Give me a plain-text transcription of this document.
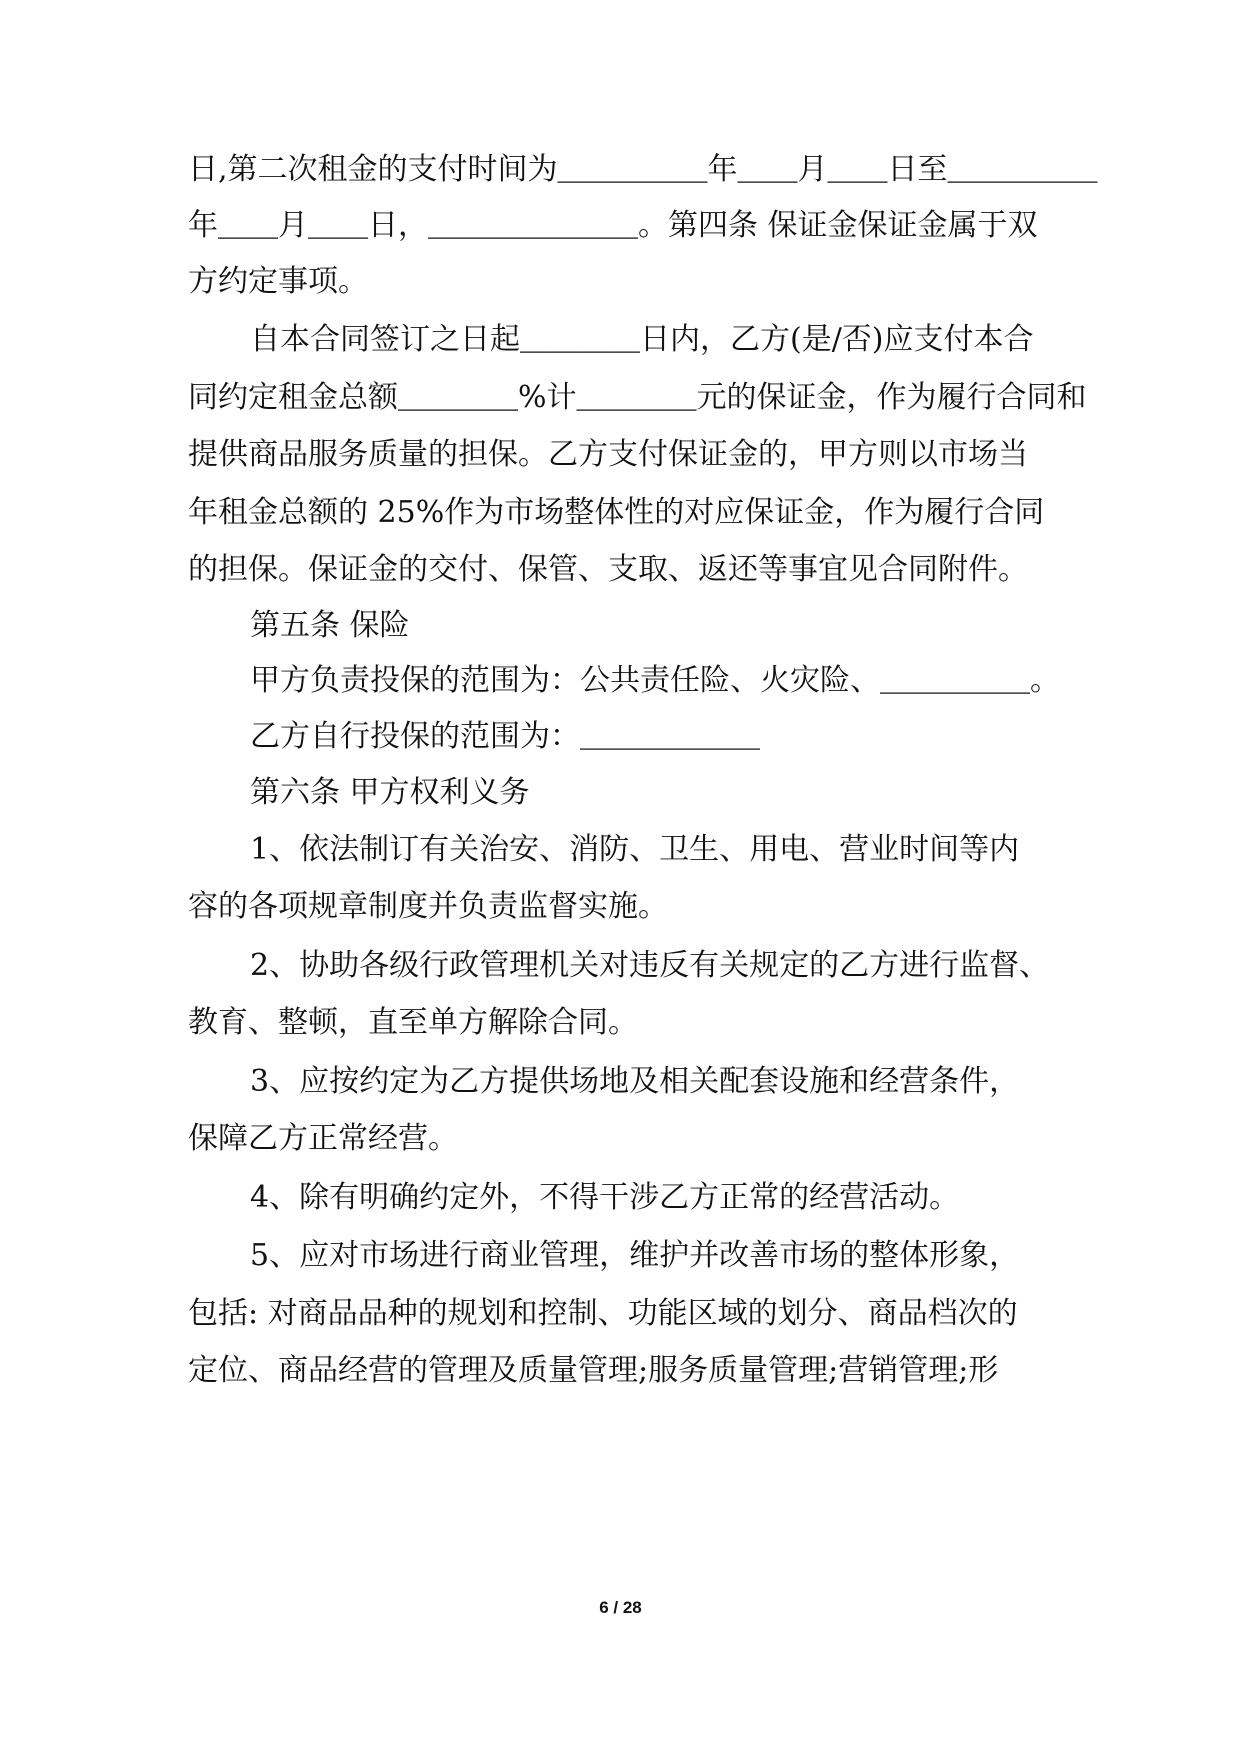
日,第二次租金的支付时间为＿＿＿＿＿年＿＿月＿＿日至＿＿＿＿＿
年＿＿月＿＿日，＿＿＿＿＿＿＿。第四条 保证金保证金属于双
方约定事项。
自本合同签订之日起＿＿＿＿日内，乙方(是/否)应支付本合
同约定租金总额＿＿＿＿%计＿＿＿＿元的保证金，作为履行合同和
提供商品服务质量的担保。乙方支付保证金的，甲方则以市场当
年租金总额的 25%作为市场整体性的对应保证金，作为履行合同
的担保。保证金的交付、保管、支取、返还等事宜见合同附件。
第五条 保险
甲方负责投保的范围为：公共责任险、火灾险、＿＿＿＿＿。
乙方自行投保的范围为：＿＿＿＿＿＿
第六条 甲方权利义务
1、依法制订有关治安、消防、卫生、用电、营业时间等内
容的各项规章制度并负责监督实施。
2、协助各级行政管理机关对违反有关规定的乙方进行监督、
教育、整顿，直至单方解除合同。
3、应按约定为乙方提供场地及相关配套设施和经营条件，
保障乙方正常经营。
4、除有明确约定外，不得干涉乙方正常的经营活动。
5、应对市场进行商业管理，维护并改善市场的整体形象，
包括: 对商品品种的规划和控制、功能区域的划分、商品档次的
定位、商品经营的管理及质量管理;服务质量管理;营销管理;形
6 / 28
